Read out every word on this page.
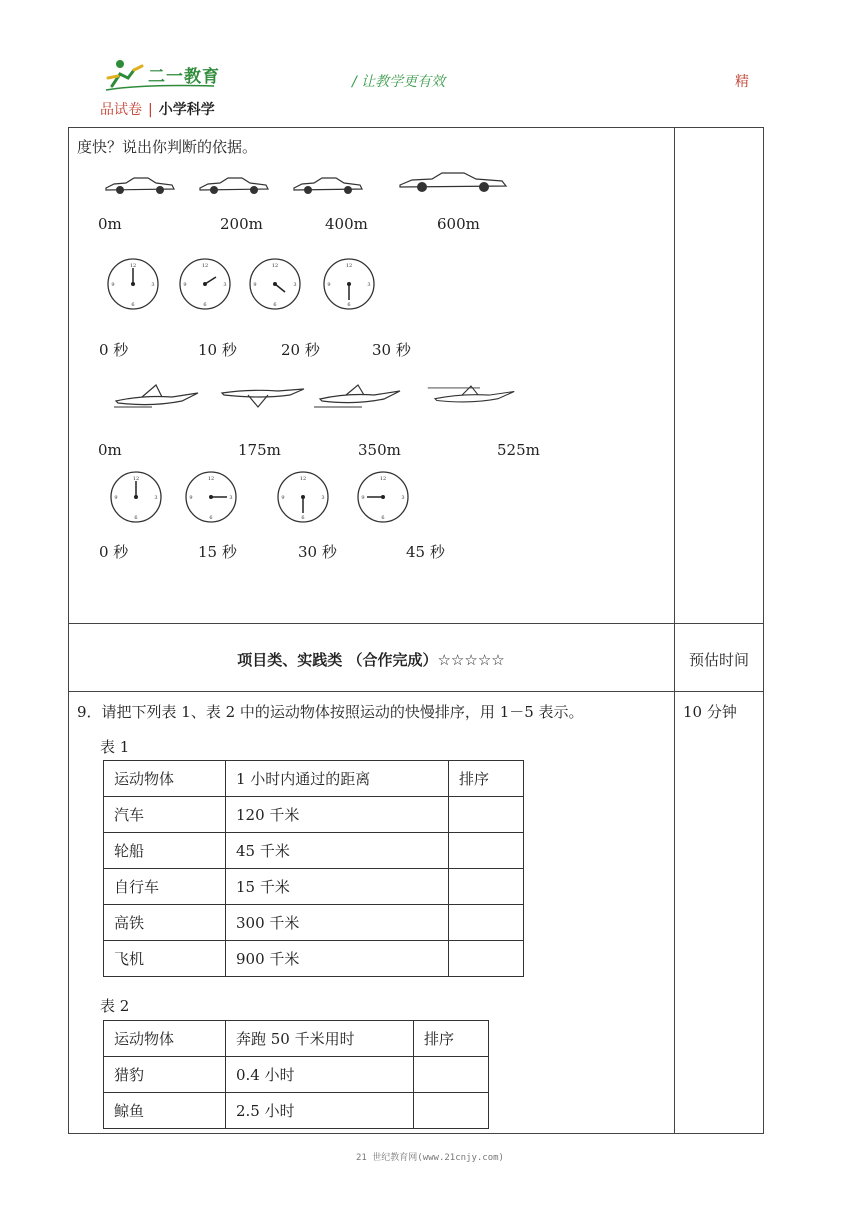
二一教育	/ 让教学更有效	精
品试卷 | 小学科学
度快？说出你判断的依据。
0m	200m	400m	600m
12
3
6
9
12
3
6
9
12
3
6
9
12
3
6
9
0 秒	10 秒	20 秒	30 秒
0m	175m	350m	525m
12
3
6
9
12
3
6
9
12
3
6
9
12
3
6
9
0 秒	15 秒	30 秒	45 秒
项目类、实践类 （合作完成）☆☆☆☆☆	预估时间
9．请把下列表 1、表 2 中的运动物体按照运动的快慢排序，用 1－5 表示。	10 分钟
表 1
运动物体	1 小时内通过的距离	排序
汽车	120 千米	
轮船	45 千米	
自行车	15 千米	
高铁	300 千米	
飞机	900 千米	
表 2
运动物体	奔跑 50 千米用时	排序
猎豹	0.4 小时	
鲸鱼	2.5 小时	
21 世纪教育网(www.21cnjy.com)
